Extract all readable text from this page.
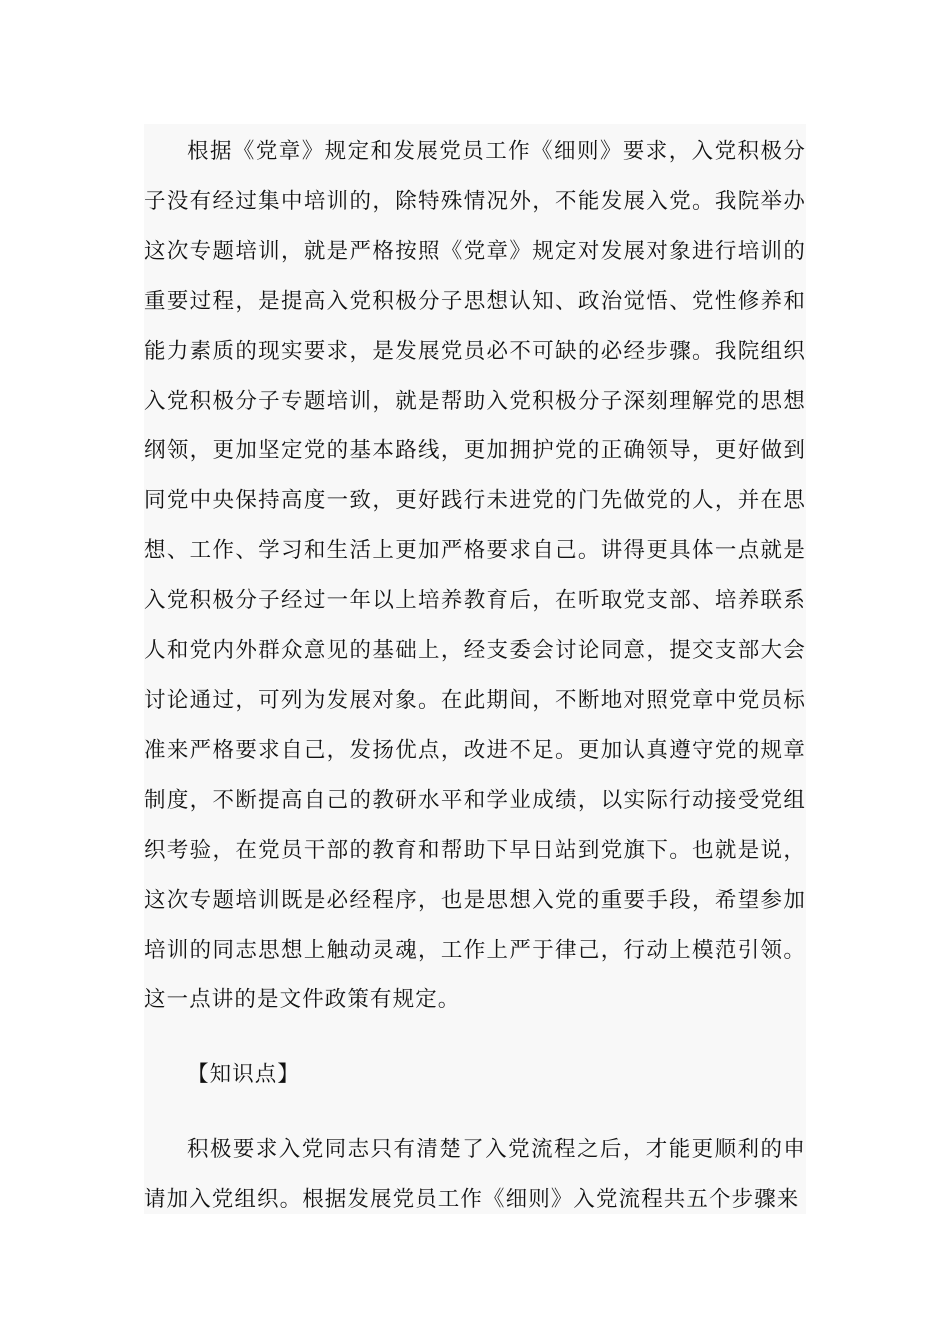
根据《党章》规定和发展党员工作《细则》要求，入党积极分子没有经过集中培训的，除特殊情况外，不能发展入党。我院举办这次专题培训，就是严格按照《党章》规定对发展对象进行培训的重要过程，是提高入党积极分子思想认知、政治觉悟、党性修养和能力素质的现实要求，是发展党员必不可缺的必经步骤。我院组织入党积极分子专题培训，就是帮助入党积极分子深刻理解党的思想纲领，更加坚定党的基本路线，更加拥护党的正确领导，更好做到同党中央保持高度一致，更好践行未进党的门先做党的人，并在思想、工作、学习和生活上更加严格要求自己。讲得更具体一点就是入党积极分子经过一年以上培养教育后，在听取党支部、培养联系人和党内外群众意见的基础上，经支委会讨论同意，提交支部大会讨论通过，可列为发展对象。在此期间，不断地对照党章中党员标准来严格要求自己，发扬优点，改进不足。更加认真遵守党的规章制度，不断提高自己的教研水平和学业成绩，以实际行动接受党组织考验，在党员干部的教育和帮助下早日站到党旗下。也就是说，这次专题培训既是必经程序，也是思想入党的重要手段，希望参加培训的同志思想上触动灵魂，工作上严于律己，行动上模范引领。这一点讲的是文件政策有规定。

【知识点】

积极要求入党同志只有清楚了入党流程之后，才能更顺利的申请加入党组织。根据发展党员工作《细则》入党流程共五个步骤来
